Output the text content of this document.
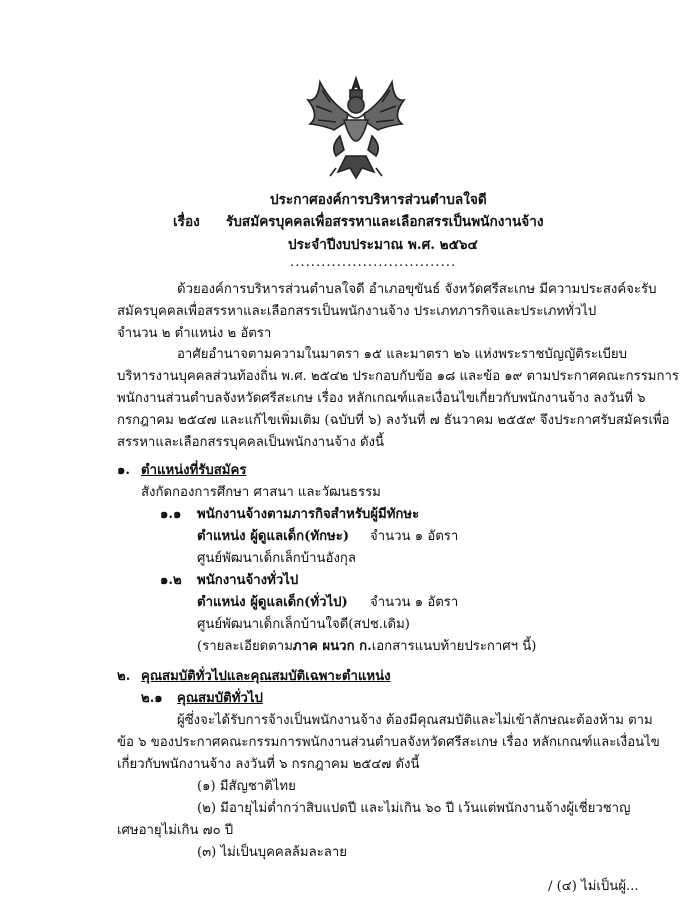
ประกาศองค์การบริหารส่วนตำบลใจดี
เรื่อง รับสมัครบุคคลเพื่อสรรหาและเลือกสรรเป็นพนักงานจ้าง
ประจำปีงบประมาณ พ.ศ. ๒๕๖๔
................................
ด้วยองค์การบริหารส่วนตำบลใจดี อำเภอขุขันธ์ จังหวัดศรีสะเกษ มีความประสงค์จะรับ
สมัครบุคคลเพื่อสรรหาและเลือกสรรเป็นพนักงานจ้าง ประเภทภารกิจและประเภททั่วไป
จำนวน ๒ ตำแหน่ง ๒ อัตรา
อาศัยอำนาจตามความในมาตรา ๑๕ และมาตรา ๒๖ แห่งพระราชบัญญัติระเบียบ
บริหารงานบุคคลส่วนท้องถิ่น พ.ศ. ๒๕๔๒ ประกอบกับข้อ ๑๘ และข้อ ๑๙ ตามประกาศคณะกรรมการ
พนักงานส่วนตำบลจังหวัดศรีสะเกษ เรื่อง หลักเกณฑ์และเงื่อนไขเกี่ยวกับพนักงานจ้าง ลงวันที่ ๖
กรกฎาคม ๒๕๔๗ และแก้ไขเพิ่มเติม (ฉบับที่ ๖) ลงวันที่ ๗ ธันวาคม ๒๕๕๙ จึงประกาศรับสมัครเพื่อ
สรรหาและเลือกสรรบุคคลเป็นพนักงานจ้าง ดังนี้
๑. ตำแหน่งที่รับสมัคร
สังกัดกองการศึกษา ศาสนา และวัฒนธรรม
๑.๑ พนักงานจ้างตามภารกิจสำหรับผู้มีทักษะ
ตำแหน่ง ผู้ดูแลเด็ก(ทักษะ) จำนวน ๑ อัตรา
ศูนย์พัฒนาเด็กเล็กบ้านอังกุล
๑.๒ พนักงานจ้างทั่วไป
ตำแหน่ง ผู้ดูแลเด็ก(ทั่วไป) จำนวน ๑ อัตรา
ศูนย์พัฒนาเด็กเล็กบ้านใจดี(สปช.เดิม)
(รายละเอียดตามภาค ผนวก ก.เอกสารแนบท้ายประกาศฯ นี้)
๒. คุณสมบัติทั่วไปและคุณสมบัติเฉพาะตำแหน่ง
๒.๑ คุณสมบัติทั่วไป
ผู้ซึ่งจะได้รับการจ้างเป็นพนักงานจ้าง ต้องมีคุณสมบัติและไม่เข้าลักษณะต้องห้าม ตาม
ข้อ ๖ ของประกาศคณะกรรมการพนักงานส่วนตำบลจังหวัดศรีสะเกษ เรื่อง หลักเกณฑ์และเงื่อนไข
เกี่ยวกับพนักงานจ้าง ลงวันที่ ๖ กรกฎาคม ๒๕๔๗ ดังนี้
(๑) มีสัญชาติไทย
(๒) มีอายุไม่ต่ำกว่าสิบแปดปี และไม่เกิน ๖๐ ปี เว้นแต่พนักงานจ้างผู้เชี่ยวชาญ
เศษอายุไม่เกิน ๗๐ ปี
(๓) ไม่เป็นบุคคลล้มละลาย
/ (๔) ไม่เป็นผู้...
